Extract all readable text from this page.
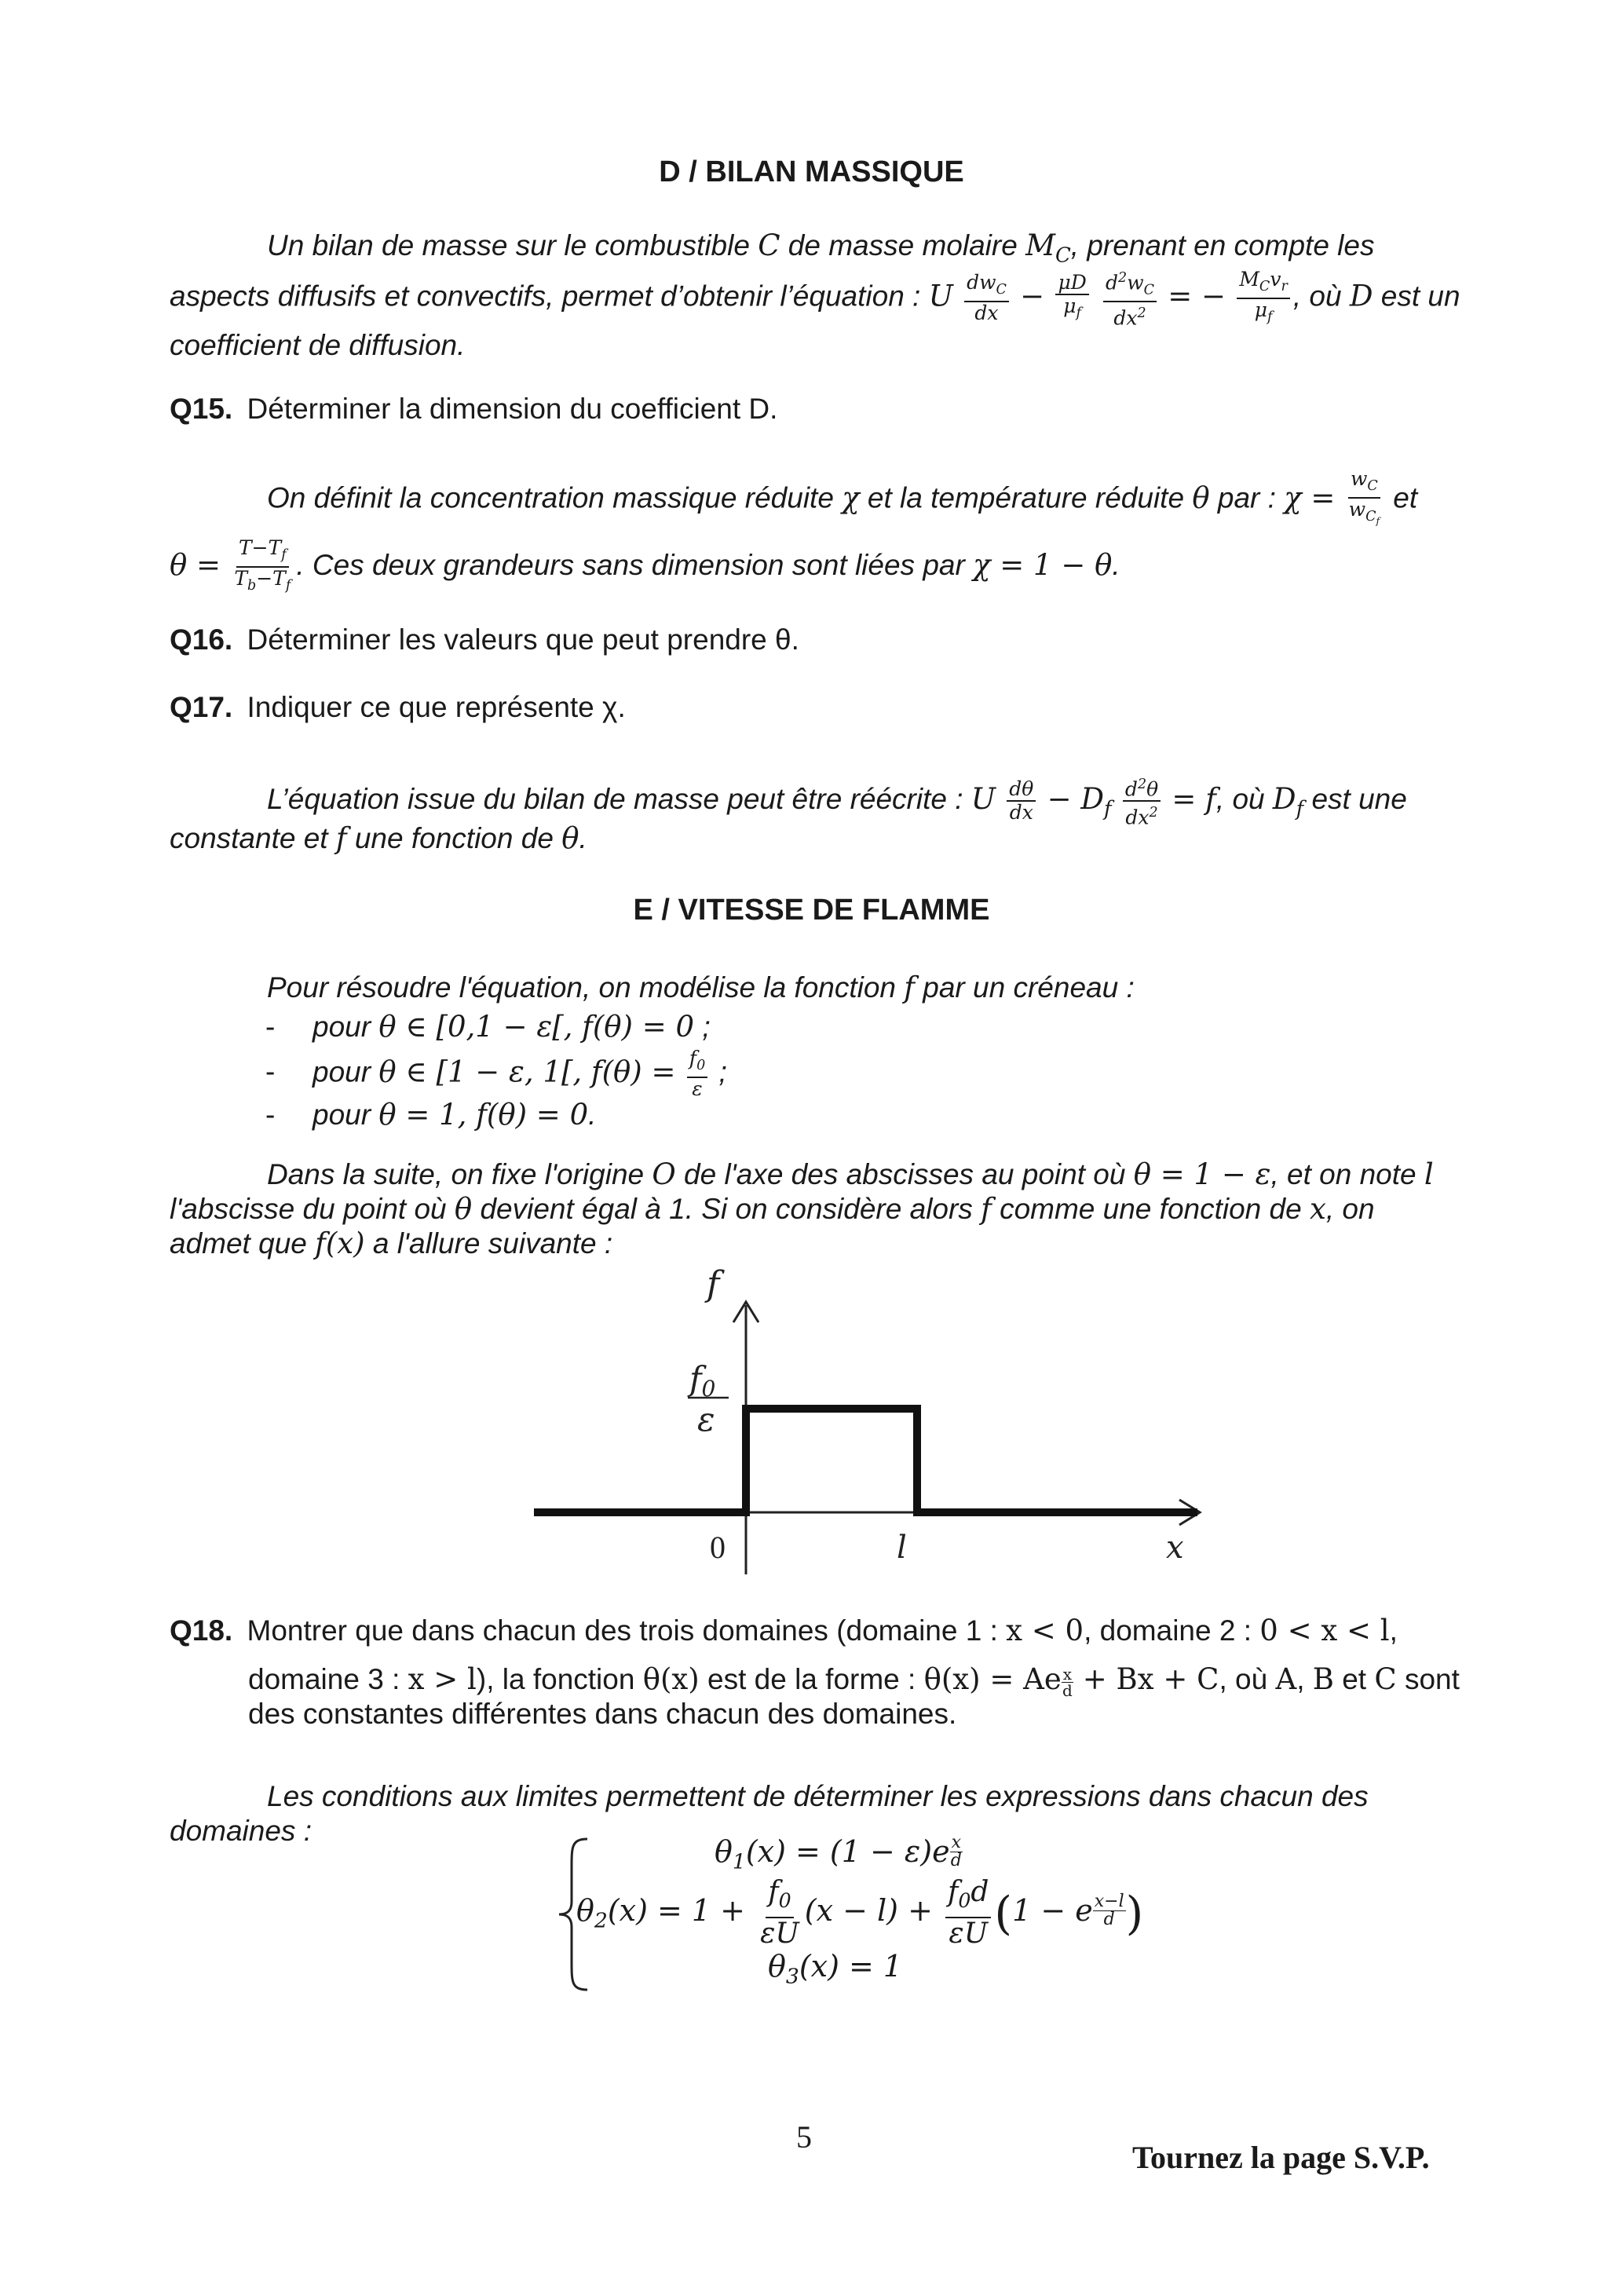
D / BILAN MASSIQUE
Un bilan de masse sur le combustible C de masse molaire $M_C$, prenant en compte les
aspects diffusifs et convectifs, permet d’obtenir l’équation : U $\frac{dw_C}{dx} - \frac{\mu D}{\mu_f}$
$\frac{d^2w_C}{dx^2}$ = − $\frac{M_Cv_r}{\mu_f}$ , où D est un
coefficient de diffusion.
Q15. Déterminer la dimension du coefficient D.
On définit la concentration massique réduite χ et la température réduite θ par : $\chi = \frac{w_C}{w_{C_f}}$ et
$\theta = \frac{T-T_f}{T_b-T_f}$ . Ces deux grandeurs sans dimension sont liées par χ = 1 − θ.
Q16. Déterminer les valeurs que peut prendre θ.
Q17. Indiquer ce que représente χ.
L’équation issue du bilan de masse peut être réécrite : U $\frac{d\theta}{dx} - D_f \frac{d^2\theta}{dx^2} = f$, où $D_f$ est une
constante et f une fonction de θ.
E / VITESSE DE FLAMME
Pour résoudre l'équation, on modélise la fonction f par un créneau :
- pour θ ∈ [0,1 − ε[, f(θ) = 0 ;
- pour θ ∈ [1 − ε, 1[, $f(\theta) = \frac{f_0}{\varepsilon}$ ;
- pour θ = 1, f(θ) = 0.
Dans la suite, on fixe l'origine O de l'axe des abscisses au point où θ = 1 − ε, et on note l
l'abscisse du point où θ devient égal à 1. Si on considère alors f comme une fonction de x, on
admet que f(x) a l'allure suivante :
f
f0
ε
0	l	x
Q18. Montrer que dans chacun des trois domaines (domaine 1 : x < 0, domaine 2 : 0 < x < l,
domaine 3 : x > l), la fonction θ(x) est de la forme : θ(x) = Ae $\frac{x}{d} + Bx + C$, où A, B et C sont
des constantes différentes dans chacun des domaines.
Les conditions aux limites permettent de déterminer les expressions dans chacun des
domaines :
$\theta_1(x) = (1 - \varepsilon)e \frac{x}{d}$
$\theta_2(x) = 1 + \frac{f_0}{\varepsilon U} (x - l) + \frac{f_0d}{\varepsilon U} (1 - e \frac{x-l}{d}$ )
$\theta_3(x) = 1$
5
Tournez la page S.V.P.
